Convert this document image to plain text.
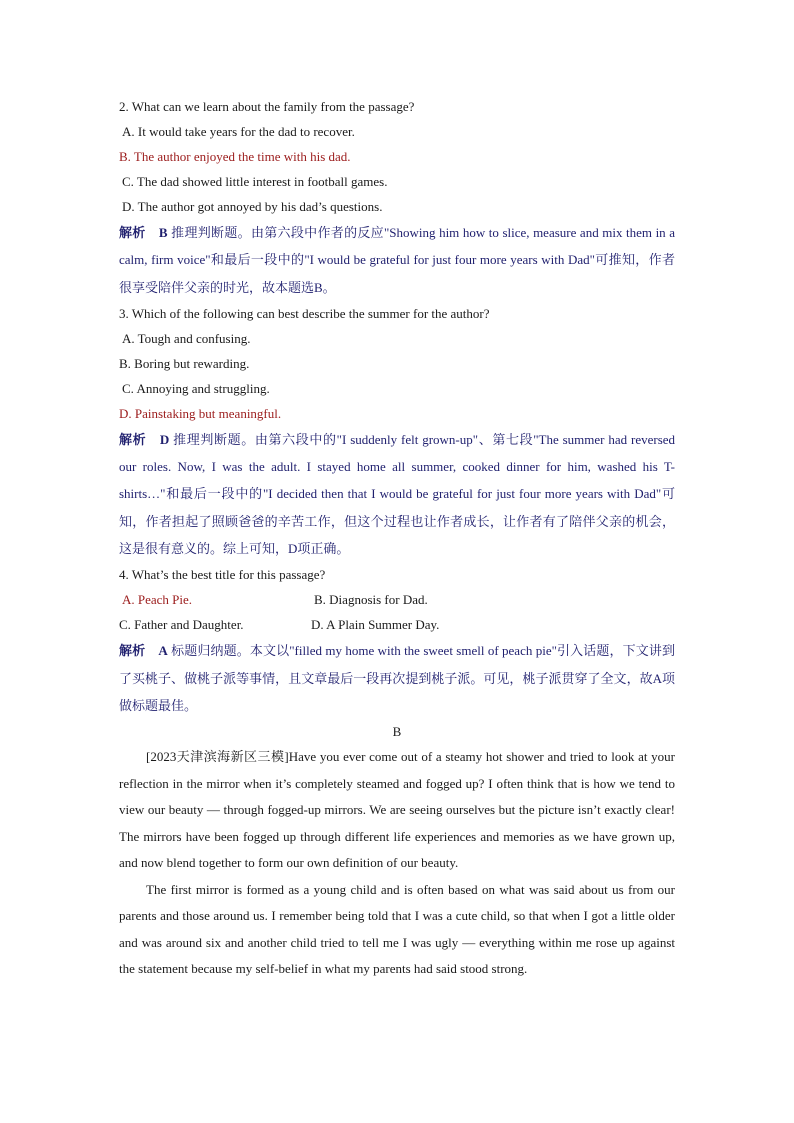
2. What can we learn about the family from the passage?
A. It would take years for the dad to recover.
B. The author enjoyed the time with his dad.
C. The dad showed little interest in football games.
D. The author got annoyed by his dad’s questions.
解析　B 推理判断题。由第六段中作者的反应"Showing him how to slice, measure and mix them in a calm, firm voice"和最后一段中的"I would be grateful for just four more years with Dad"可推知，作者很享受陪伴父亲的时光，故本题选B。
3. Which of the following can best describe the summer for the author?
A. Tough and confusing.
B. Boring but rewarding.
C. Annoying and struggling.
D. Painstaking but meaningful.
解析　D 推理判断题。由第六段中的"I suddenly felt grown-up"、第七段"The summer had reversed our roles. Now, I was the adult. I stayed home all summer, cooked dinner for him, washed his T-shirts…"和最后一段中的"I decided then that I would be grateful for just four more years with Dad"可知，作者担起了照顾爸爸的辛苦工作，但这个过程也让作者成长，让作者有了陪伴父亲的机会，这是很有意义的。综上可知，D项正确。
4. What’s the best title for this passage?
A. Peach Pie.	B. Diagnosis for Dad.
C. Father and Daughter.	D. A Plain Summer Day.
解析　A 标题归纳题。本文以"filled my home with the sweet smell of peach pie"引入话题，下文讲到了买桃子、做桃子派等事情，且文章最后一段再次提到桃子派。可见，桃子派贯穿了全文，故A项做标题最佳。
B
[2023天津滨海新区三模]Have you ever come out of a steamy hot shower and tried to look at your reflection in the mirror when it’s completely steamed and fogged up? I often think that is how we tend to view our beauty — through fogged-up mirrors. We are seeing ourselves but the picture isn’t exactly clear! The mirrors have been fogged up through different life experiences and memories as we have grown up, and now blend together to form our own definition of our beauty.
The first mirror is formed as a young child and is often based on what was said about us from our parents and those around us. I remember being told that I was a cute child, so that when I got a little older and was around six and another child tried to tell me I was ugly — everything within me rose up against the statement because my self-belief in what my parents had said stood strong.
